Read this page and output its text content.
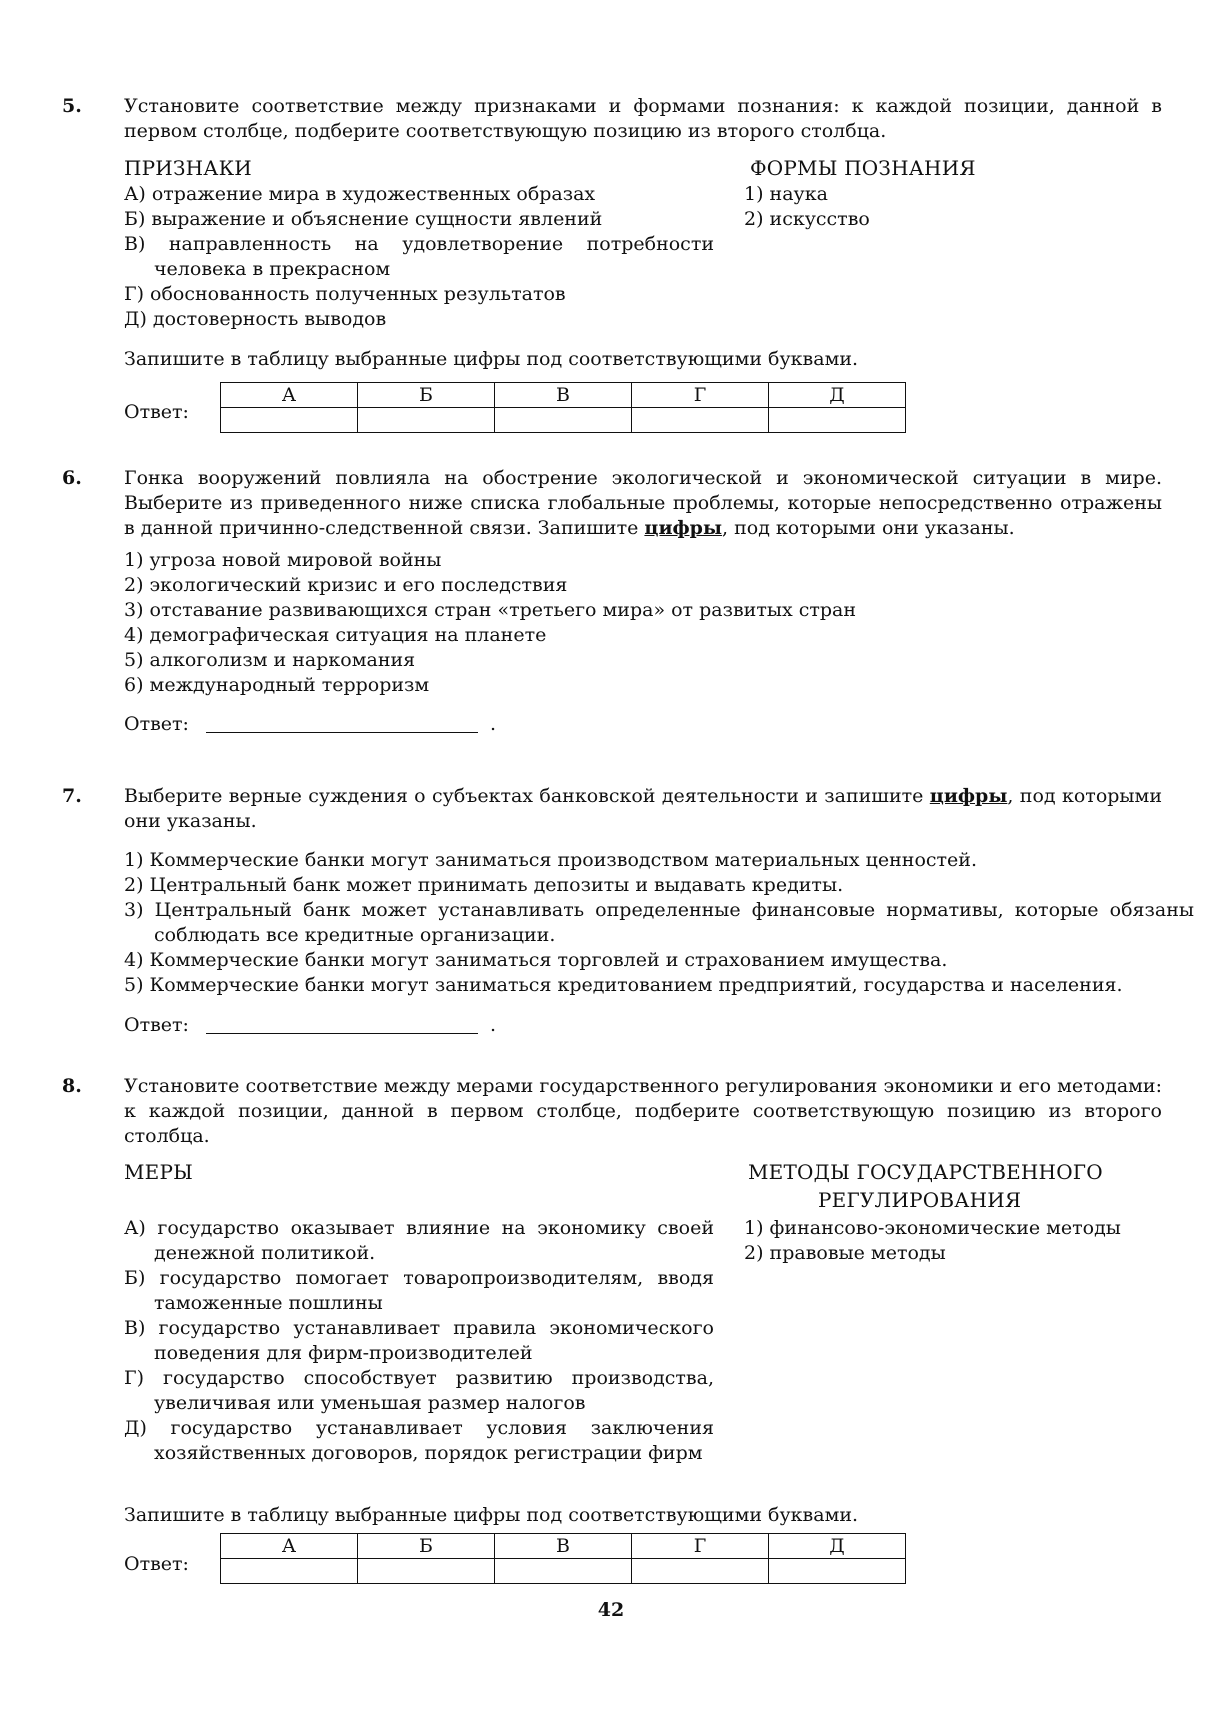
5. Установите соответствие между признаками и формами познания: к каждой позиции, данной в первом столбце, подберите соответствующую позицию из второго столбца.
ПРИЗНАКИ	ФОРМЫ ПОЗНАНИЯ
А) отражение мира в художественных образах
Б) выражение и объяснение сущности явлений
В) направленность на удовлетворение потребности человека в прекрасном
Г) обоснованность полученных результатов
Д) достоверность выводов
1) наука
2) искусство
Запишите в таблицу выбранные цифры под соответствующими буквами.
Ответ:
А	Б	В	Г	Д

6. Гонка вооружений повлияла на обострение экологической и экономической ситуации в мире. Выберите из приведенного ниже списка глобальные проблемы, которые непосредственно отражены в данной причинно-следственной связи. Запишите цифры, под которыми они указаны.
1) угроза новой мировой войны
2) экологический кризис и его последствия
3) отставание развивающихся стран «третьего мира» от развитых стран
4) демографическая ситуация на планете
5) алкоголизм и наркомания
6) международный терроризм
Ответ:	.
7. Выберите верные суждения о субъектах банковской деятельности и запишите цифры, под которыми они указаны.
1) Коммерческие банки могут заниматься производством материальных ценностей.
2) Центральный банк может принимать депозиты и выдавать кредиты.
3) Центральный банк может устанавливать определенные финансовые нормативы, которые обязаны соблюдать все кредитные организации.
4) Коммерческие банки могут заниматься торговлей и страхованием имущества.
5) Коммерческие банки могут заниматься кредитованием предприятий, государства и населения.
Ответ:	.
8. Установите соответствие между мерами государственного регулирования экономики и его методами: к каждой позиции, данной в первом столбце, подберите соответствующую позицию из второго столбца.
МЕРЫ	МЕТОДЫ ГОСУДАРСТВЕННОГО
РЕГУЛИРОВАНИЯ
А) государство оказывает влияние на экономику своей денежной политикой.
Б) государство помогает товаропроизводителям, вводя таможенные пошлины
В) государство устанавливает правила экономического поведения для фирм-производителей
Г) государство способствует развитию производства, увеличивая или уменьшая размер налогов
Д) государство устанавливает условия заключения хозяйственных договоров, порядок регистрации фирм
1) финансово-экономические методы
2) правовые методы
Запишите в таблицу выбранные цифры под соответствующими буквами.
Ответ:
А	Б	В	Г	Д

42
